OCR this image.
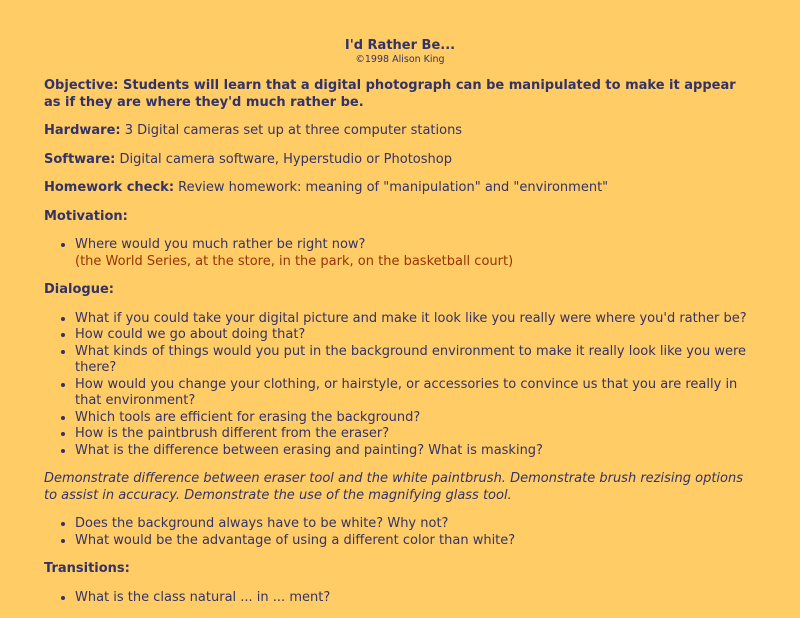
I'd Rather Be...
©1998 Alison King

Objective: Students will learn that a digital photograph can be manipulated to make it appear as if they are where they'd much rather be.

Hardware: 3 Digital cameras set up at three computer stations

Software: Digital camera software, Hyperstudio or Photoshop

Homework check: Review homework: meaning of "manipulation" and "environment"

Motivation:

• Where would you much rather be right now?
(the World Series, at the store, in the park, on the basketball court)

Dialogue:

• What if you could take your digital picture and make it look like you really were where you'd rather be?
• How could we go about doing that?
• What kinds of things would you put in the background environment to make it really look like you were there?
• How would you change your clothing, or hairstyle, or accessories to convince us that you are really in that environment?
• Which tools are efficient for erasing the background?
• How is the paintbrush different from the eraser?
• What is the difference between erasing and painting? What is masking?

Demonstrate difference between eraser tool and the white paintbrush. Demonstrate brush rezising options to assist in accuracy. Demonstrate the use of the magnifying glass tool.

• Does the background always have to be white? Why not?
• What would be the advantage of using a different color than white?

Transitions:

• What is the class natural ... in ... ment?
